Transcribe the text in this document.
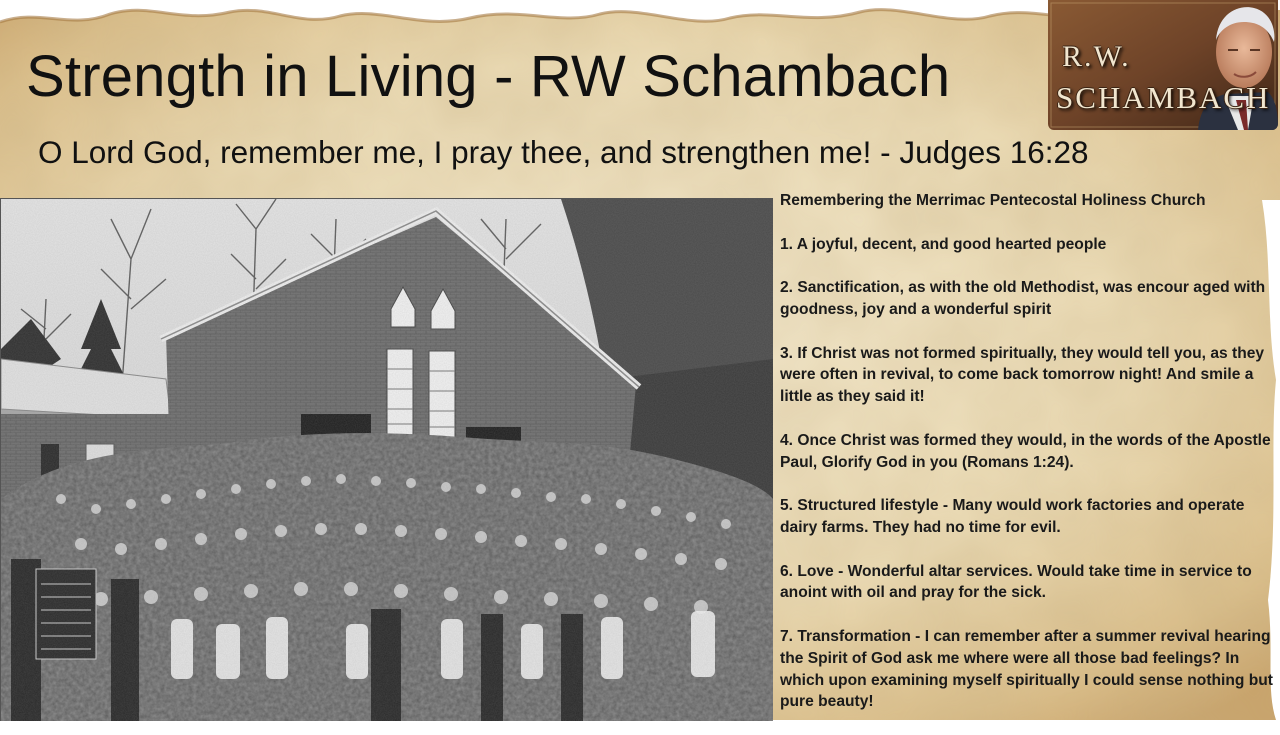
Strength in Living - RW Schambach
O Lord God, remember me, I pray thee, and strengthen me! - Judges 16:28
R.W.
SCHAMBACH

Remembering the Merrimac Pentecostal Holiness Church

1. A joyful, decent, and good hearted people

2. Sanctification, as with the old Methodist, was encour aged with goodness, joy and a wonderful spirit

3. If Christ was not formed spiritually, they would tell you, as they were often in revival, to come back tomorrow night! And smile a little as they said it!

4. Once Christ was formed they would, in the words of the Apostle Paul, Glorify God in you (Romans 1:24).

5. Structured lifestyle - Many would work factories and operate dairy farms. They had no time for evil.

6. Love - Wonderful altar services. Would take time in service to anoint with oil and pray for the sick.

7. Transformation - I can remember after a summer revival hearing the Spirit of God ask me where were all those bad feelings? In which upon examining myself spiritually I could sense nothing but pure beauty!
